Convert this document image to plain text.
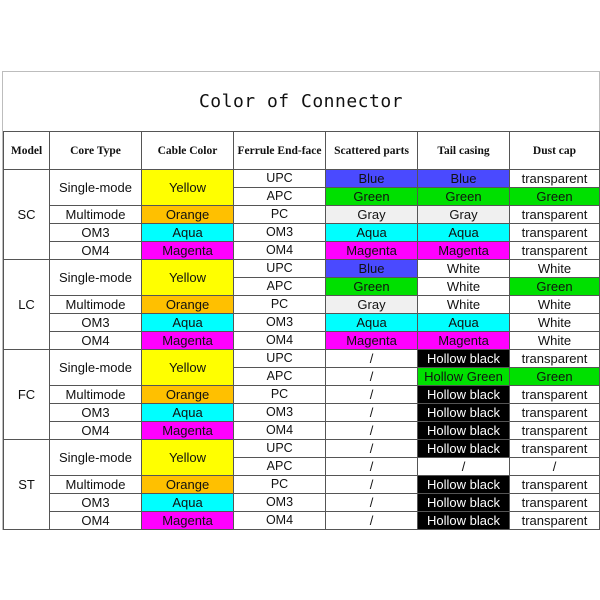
Color of Connector
Model	Core Type	Cable Color	Ferrule End-face	Scattered parts	Tail casing	Dust cap
SC	Single-mode	Yellow	UPC	Blue	Blue	transparent
			APC	Green	Green	Green
	Multimode	Orange	PC	Gray	Gray	transparent
	OM3	Aqua	OM3	Aqua	Aqua	transparent
	OM4	Magenta	OM4	Magenta	Magenta	transparent
LC	Single-mode	Yellow	UPC	Blue	White	White
			APC	Green	White	Green
	Multimode	Orange	PC	Gray	White	White
	OM3	Aqua	OM3	Aqua	Aqua	White
	OM4	Magenta	OM4	Magenta	Magenta	White
FC	Single-mode	Yellow	UPC	/	Hollow black	transparent
			APC	/	Hollow Green	Green
	Multimode	Orange	PC	/	Hollow black	transparent
	OM3	Aqua	OM3	/	Hollow black	transparent
	OM4	Magenta	OM4	/	Hollow black	transparent
ST	Single-mode	Yellow	UPC	/	Hollow black	transparent
			APC	/	/	/
	Multimode	Orange	PC	/	Hollow black	transparent
	OM3	Aqua	OM3	/	Hollow black	transparent
	OM4	Magenta	OM4	/	Hollow black	transparent
